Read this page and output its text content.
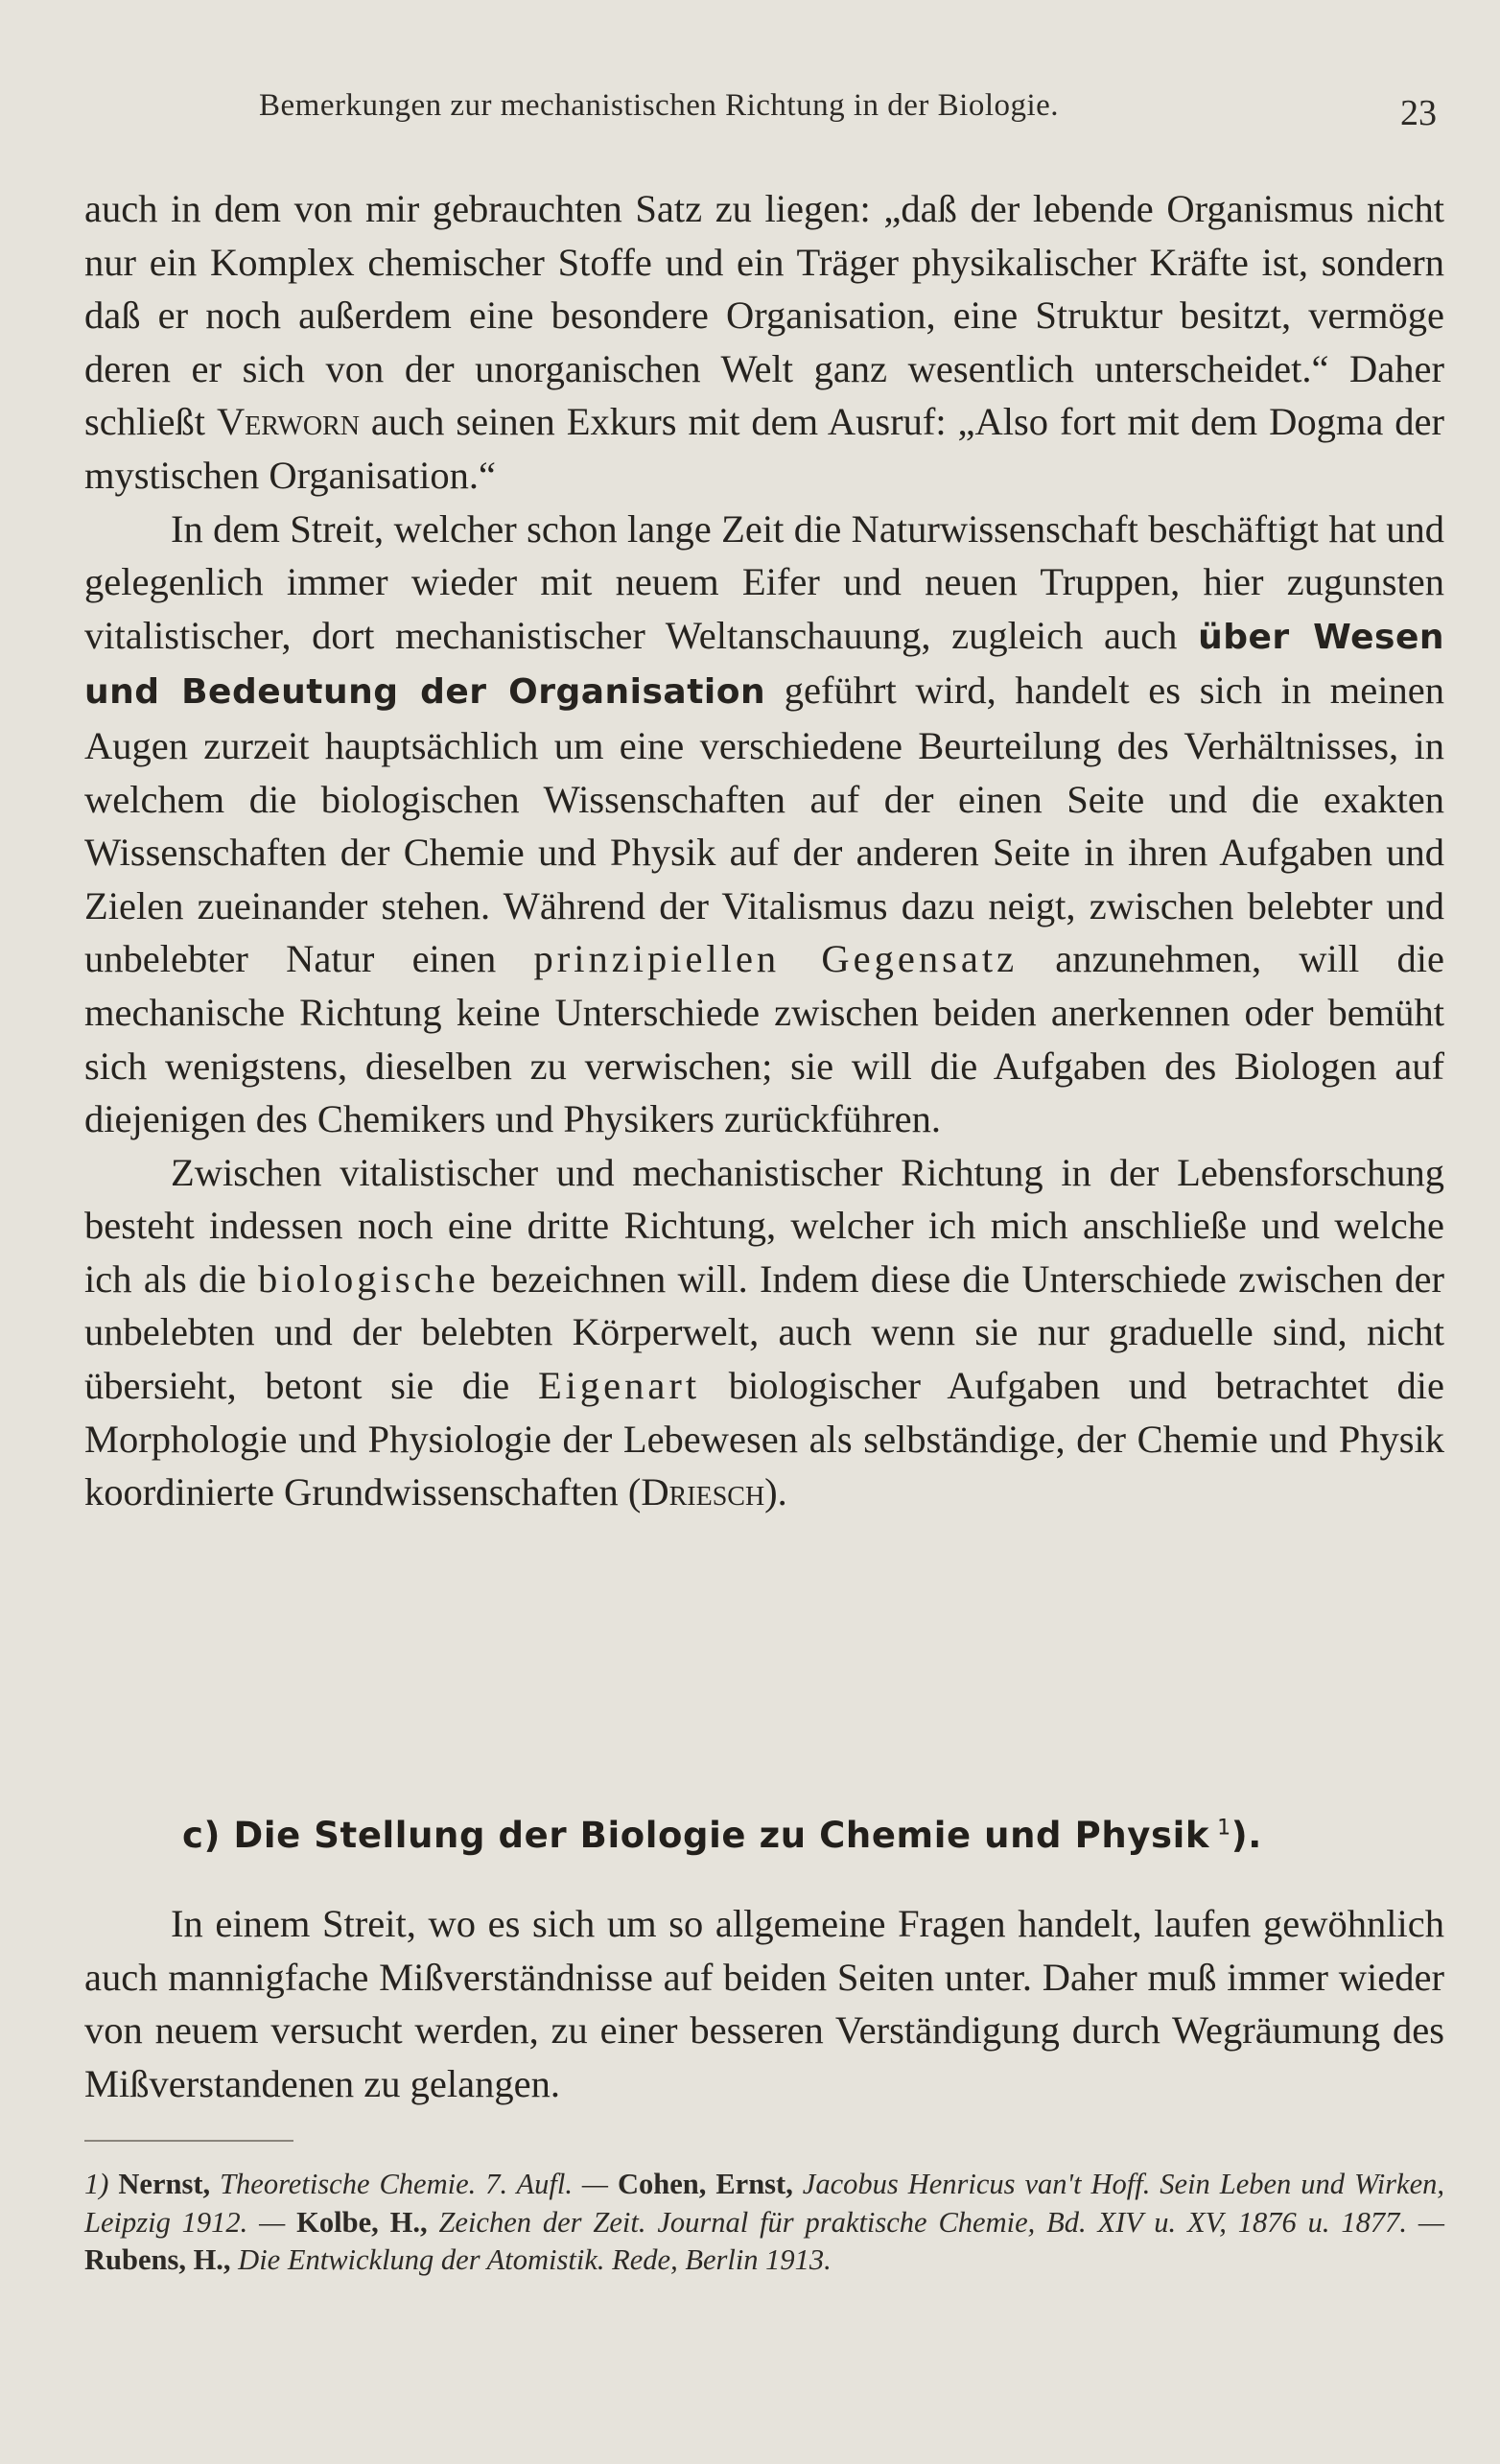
Bemerkungen zur mechanistischen Richtung in der Biologie.	23

auch in dem von mir gebrauchten Satz zu liegen: „daß der lebende Organismus nicht nur ein Komplex chemischer Stoffe und ein Träger physikalischer Kräfte ist, sondern daß er noch außerdem eine besondere Organisation, eine Struktur besitzt, vermöge deren er sich von der unorganischen Welt ganz wesentlich unterscheidet.“ Daher schließt Verworn auch seinen Exkurs mit dem Ausruf: „Also fort mit dem Dogma der mystischen Organisation.“

In dem Streit, welcher schon lange Zeit die Naturwissenschaft beschäftigt hat und gelegenlich immer wieder mit neuem Eifer und neuen Truppen, hier zugunsten vitalistischer, dort mechanistischer Weltanschauung, zugleich auch über Wesen und Bedeutung der Organisation geführt wird, handelt es sich in meinen Augen zurzeit hauptsächlich um eine verschiedene Beurteilung des Verhältnisses, in welchem die biologischen Wissenschaften auf der einen Seite und die exakten Wissenschaften der Chemie und Physik auf der anderen Seite in ihren Aufgaben und Zielen zueinander stehen. Während der Vitalismus dazu neigt, zwischen belebter und unbelebter Natur einen prinzipiellen Gegensatz anzunehmen, will die mechanische Richtung keine Unterschiede zwischen beiden anerkennen oder bemüht sich wenigstens, dieselben zu verwischen; sie will die Aufgaben des Biologen auf diejenigen des Chemikers und Physikers zurückführen.

Zwischen vitalistischer und mechanistischer Richtung in der Lebensforschung besteht indessen noch eine dritte Richtung, welcher ich mich anschließe und welche ich als die biologische bezeichnen will. Indem diese die Unterschiede zwischen der unbelebten und der belebten Körperwelt, auch wenn sie nur graduelle sind, nicht übersieht, betont sie die Eigenart biologischer Aufgaben und betrachtet die Morphologie und Physiologie der Lebewesen als selbständige, der Chemie und Physik koordinierte Grundwissenschaften (Driesch).

c) Die Stellung der Biologie zu Chemie und Physik  $^1$).

In einem Streit, wo es sich um so allgemeine Fragen handelt, laufen gewöhnlich auch mannigfache Mißverständnisse auf beiden Seiten unter. Daher muß immer wieder von neuem versucht werden, zu einer besseren Verständigung durch Wegräumung des Mißverstandenen zu gelangen.

1) Nernst, Theoretische Chemie. 7. Aufl. — Cohen, Ernst, Jacobus Henricus van't Hoff. Sein Leben und Wirken, Leipzig 1912. — Kolbe, H., Zeichen der Zeit. Journal für praktische Chemie, Bd. XIV u. XV, 1876 u. 1877. — Rubens, H., Die Entwicklung der Atomistik. Rede, Berlin 1913.
